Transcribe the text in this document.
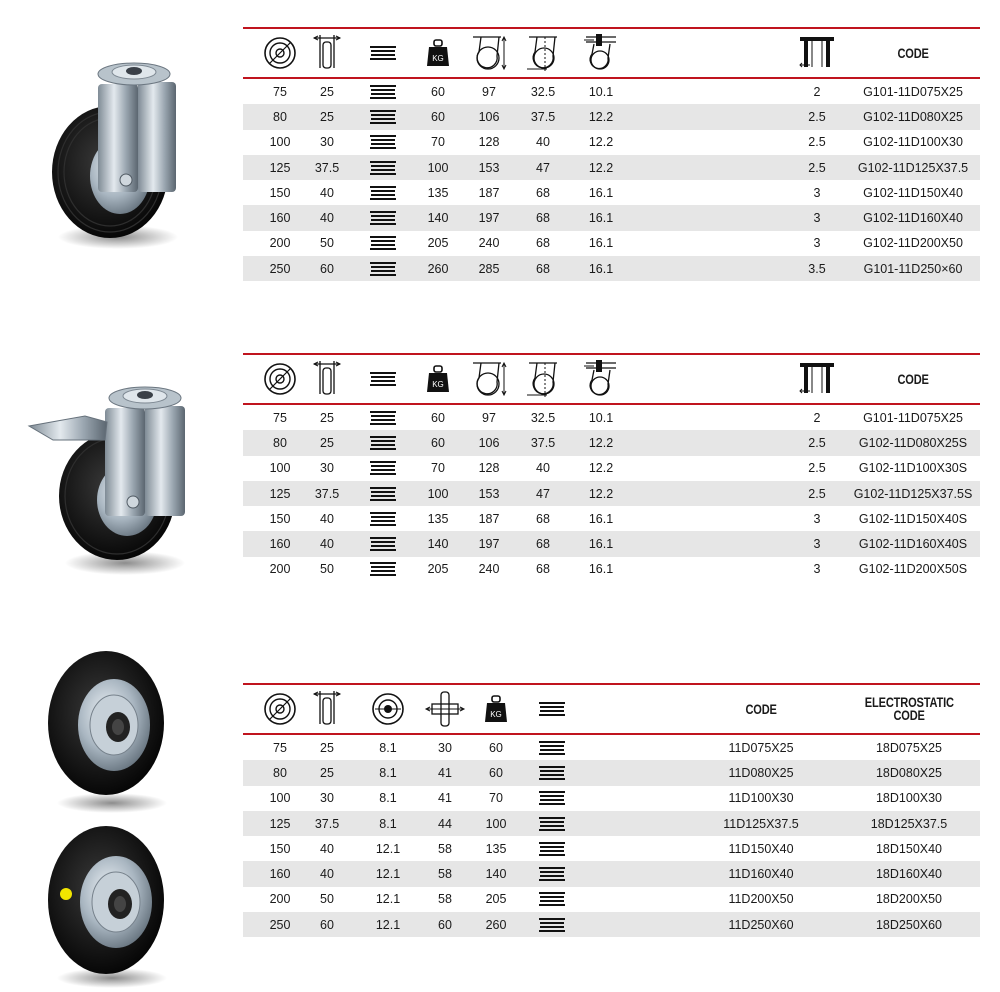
KG	CODE
75	25	60	97	32.5	10.1	2	G101-11D075X25
80	25	60	106	37.5	12.2	2.5	G102-11D080X25
100	30	70	128	40	12.2	2.5	G102-11D100X30
125	37.5	100	153	47	12.2	2.5	G102-11D125X37.5
150	40	135	187	68	16.1	3	G102-11D150X40
160	40	140	197	68	16.1	3	G102-11D160X40
200	50	205	240	68	16.1	3	G102-11D200X50
250	60	260	285	68	16.1	3.5	G101-11D250×60
KG	CODE
75	25	60	97	32.5	10.1	2	G101-11D075X25
80	25	60	106	37.5	12.2	2.5	G102-11D080X25S
100	30	70	128	40	12.2	2.5	G102-11D100X30S
125	37.5	100	153	47	12.2	2.5	G102-11D125X37.5S
150	40	135	187	68	16.1	3	G102-11D150X40S
160	40	140	197	68	16.1	3	G102-11D160X40S
200	50	205	240	68	16.1	3	G102-11D200X50S
KG	CODE	ELECTROSTATIC
CODE
75	25	8.1	30	60	11D075X25	18D075X25
80	25	8.1	41	60	11D080X25	18D080X25
100	30	8.1	41	70	11D100X30	18D100X30
125	37.5	8.1	44	100	11D125X37.5	18D125X37.5
150	40	12.1	58	135	11D150X40	18D150X40
160	40	12.1	58	140	11D160X40	18D160X40
200	50	12.1	58	205	11D200X50	18D200X50
250	60	12.1	60	260	11D250X60	18D250X60
